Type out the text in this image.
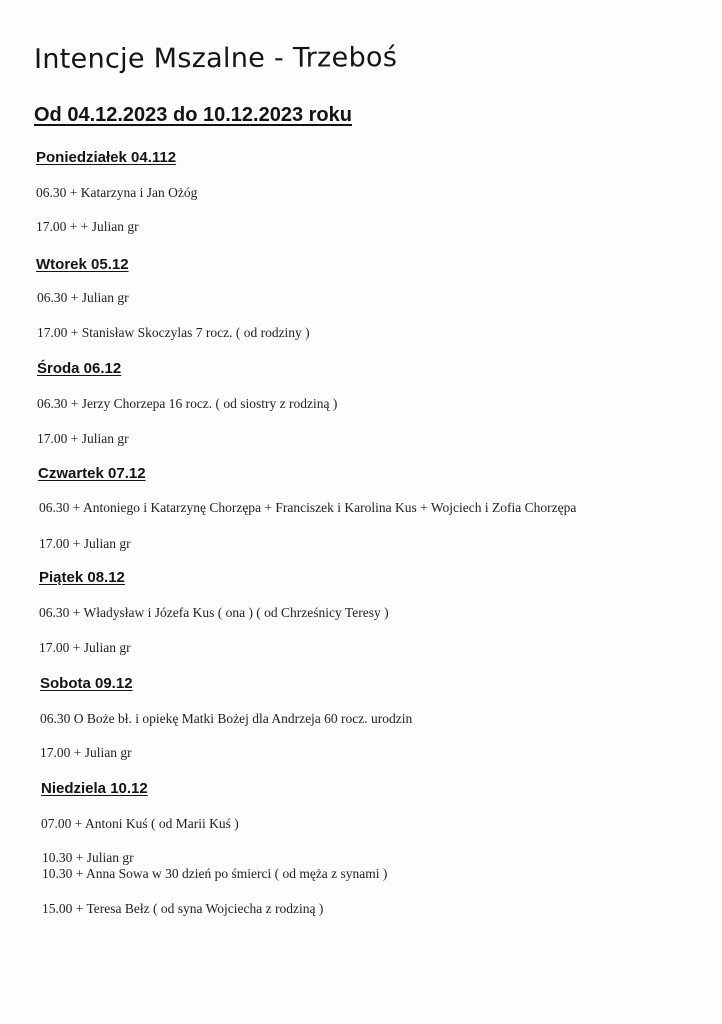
Intencje Mszalne - Trzeboś
Od 04.12.2023 do 10.12.2023 roku
Poniedziałek 04.112
06.30 + Katarzyna i Jan Ożóg
17.00 + + Julian gr
Wtorek 05.12
06.30 + Julian gr
17.00 + Stanisław Skoczylas 7 rocz. ( od rodziny )
Środa 06.12
06.30 + Jerzy Chorzepa 16 rocz. ( od siostry z rodziną )
17.00 + Julian gr
Czwartek 07.12
06.30 + Antoniego i Katarzynę Chorzępa + Franciszek i Karolina Kus + Wojciech i Zofia Chorzępa
17.00 + Julian gr
Piątek 08.12
06.30 + Władysław i Józefa Kus ( ona ) ( od Chrześnicy Teresy )
17.00 + Julian gr
Sobota 09.12
06.30 O Boże bł. i opiekę Matki Bożej dla Andrzeja 60 rocz. urodzin
17.00 + Julian gr
Niedziela 10.12
07.00 + Antoni Kuś ( od Marii Kuś )
10.30 + Julian gr
10.30 + Anna Sowa w 30 dzień po śmierci ( od męża z synami )
15.00 + Teresa Bełz ( od syna Wojciecha z rodziną )
